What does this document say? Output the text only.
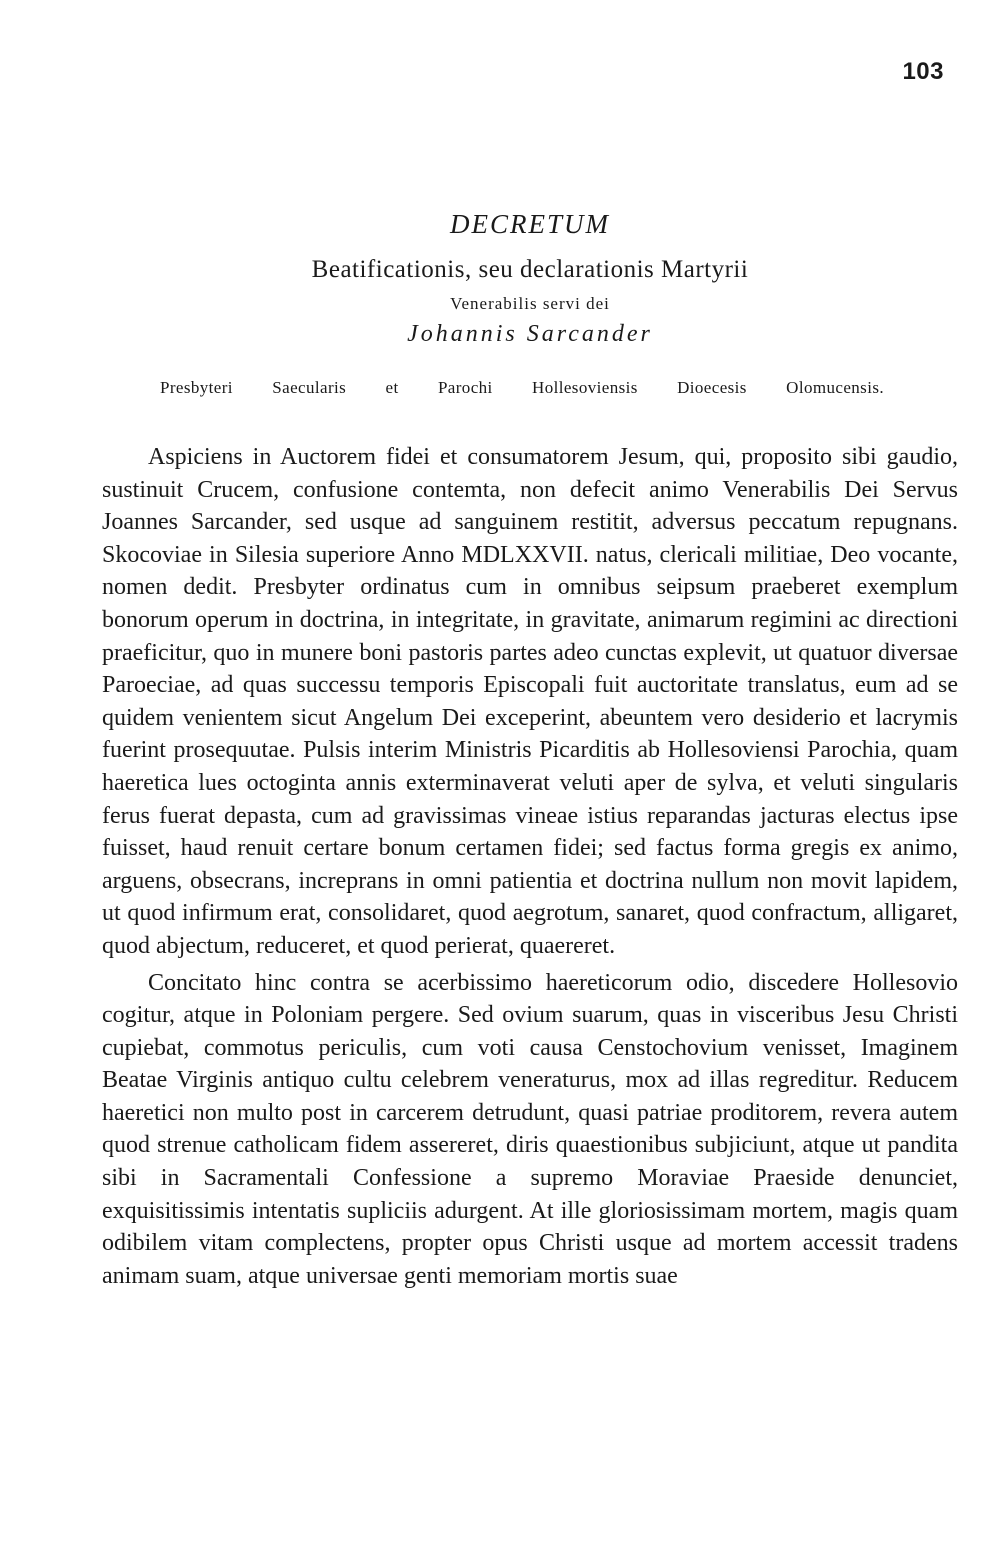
103
DECRETUM
Beatificationis, seu declarationis Martyrii
Venerabilis servi dei
Johannis Sarcander
Presbyteri Saecularis et Parochi Hollesoviensis Dioecesis Olomucensis.

Aspiciens in Auctorem fidei et consumatorem Jesum, qui, proposito sibi gaudio, sustinuit Crucem, confusione contemta, non defecit animo Venerabilis Dei Servus Joannes Sarcander, sed usque ad sanguinem restitit, adversus peccatum repugnans. Skocoviae in Silesia superiore Anno MDLXXVII. natus, clericali militiae, Deo vocante, nomen dedit. Presbyter ordinatus cum in omnibus seipsum praeberet exemplum bonorum operum in doctrina, in integritate, in gravitate, animarum regimini ac directioni praeficitur, quo in munere boni pastoris partes adeo cunctas explevit, ut quatuor diversae Paroeciae, ad quas successu temporis Episcopali fuit auctoritate translatus, eum ad se quidem venientem sicut Angelum Dei exceperint, abeuntem vero desiderio et lacrymis fuerint prosequutae. Pulsis interim Ministris Picarditis ab Hollesoviensi Parochia, quam haeretica lues octoginta annis exterminaverat veluti aper de sylva, et veluti singularis ferus fuerat depasta, cum ad gravissimas vineae istius reparandas jacturas electus ipse fuisset, haud renuit certare bonum certamen fidei; sed factus forma gregis ex animo, arguens, obsecrans, increprans in omni patientia et doctrina nullum non movit lapidem, ut quod infirmum erat, consolidaret, quod aegrotum, sanaret, quod confractum, alligaret, quod abjectum, reduceret, et quod perierat, quaereret.

Concitato hinc contra se acerbissimo haereticorum odio, discedere Hollesovio cogitur, atque in Poloniam pergere. Sed ovium suarum, quas in visceribus Jesu Christi cupiebat, commotus periculis, cum voti causa Censtochovium venisset, Imaginem Beatae Virginis antiquo cultu celebrem veneraturus, mox ad illas regreditur. Reducem haeretici non multo post in carcerem detrudunt, quasi patriae proditorem, revera autem quod strenue catholicam fidem assereret, diris quaestionibus subjiciunt, atque ut pandita sibi in Sacramentali Confessione a supremo Moraviae Praeside denunciet, exquisitissimis intentatis supliciis adurgent. At ille gloriosissimam mortem, magis quam odibilem vitam complectens, propter opus Christi usque ad mortem accessit tradens animam suam, atque universae genti memoriam mortis suae
